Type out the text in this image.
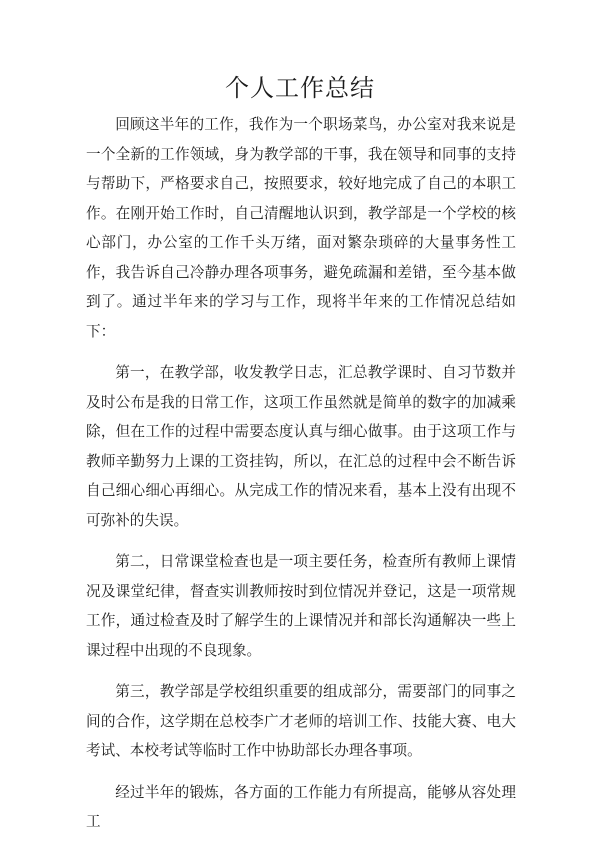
个人工作总结

回顾这半年的工作，我作为一个职场菜鸟，办公室对我来说是一个全新的工作领域，身为教学部的干事，我在领导和同事的支持与帮助下，严格要求自己，按照要求，较好地完成了自己的本职工作。在刚开始工作时，自己清醒地认识到，教学部是一个学校的核心部门，办公室的工作千头万绪，面对繁杂琐碎的大量事务性工作，我告诉自己冷静办理各项事务，避免疏漏和差错，至今基本做到了。通过半年来的学习与工作，现将半年来的工作情况总结如下：

第一，在教学部，收发教学日志，汇总教学课时、自习节数并及时公布是我的日常工作，这项工作虽然就是简单的数字的加减乘除，但在工作的过程中需要态度认真与细心做事。由于这项工作与教师辛勤努力上课的工资挂钩，所以，在汇总的过程中会不断告诉自己细心细心再细心。从完成工作的情况来看，基本上没有出现不可弥补的失误。

第二，日常课堂检查也是一项主要任务，检查所有教师上课情况及课堂纪律，督查实训教师按时到位情况并登记，这是一项常规工作，通过检查及时了解学生的上课情况并和部长沟通解决一些上课过程中出现的不良现象。

第三，教学部是学校组织重要的组成部分，需要部门的同事之间的合作，这学期在总校李广才老师的培训工作、技能大赛、电大考试、本校考试等临时工作中协助部长办理各事项。

经过半年的锻炼，各方面的工作能力有所提高，能够从容处理工
